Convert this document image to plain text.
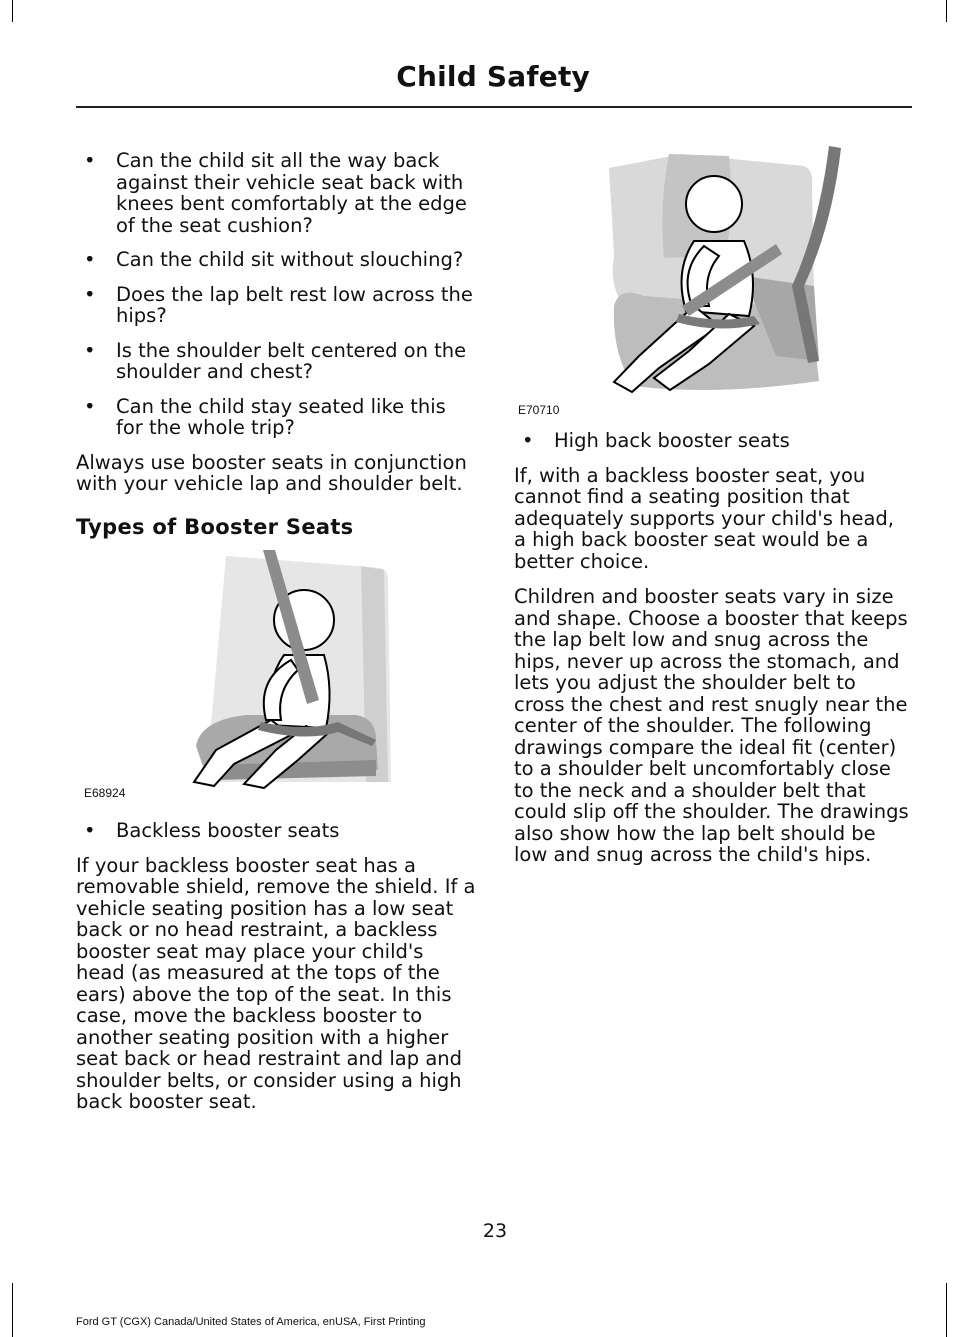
Child Safety
• Can the child sit all the way back against their vehicle seat back with knees bent comfortably at the edge of the seat cushion?
• Can the child sit without slouching?
• Does the lap belt rest low across the hips?
• Is the shoulder belt centered on the shoulder and chest?
• Can the child stay seated like this for the whole trip?

Always use booster seats in conjunction with your vehicle lap and shoulder belt.

Types of Booster Seats
E68924
• Backless booster seats

If your backless booster seat has a removable shield, remove the shield. If a vehicle seating position has a low seat back or no head restraint, a backless booster seat may place your child's head (as measured at the tops of the ears) above the top of the seat. In this case, move the backless booster to another seating position with a higher seat back or head restraint and lap and shoulder belts, or consider using a high back booster seat.

E70710
• High back booster seats

If, with a backless booster seat, you cannot find a seating position that adequately supports your child's head, a high back booster seat would be a better choice.

Children and booster seats vary in size and shape. Choose a booster that keeps the lap belt low and snug across the hips, never up across the stomach, and lets you adjust the shoulder belt to cross the chest and rest snugly near the center of the shoulder. The following drawings compare the ideal fit (center) to a shoulder belt uncomfortably close to the neck and a shoulder belt that could slip off the shoulder. The drawings also show how the lap belt should be low and snug across the child's hips.

23
Ford GT (CGX) Canada/United States of America, enUSA, First Printing
